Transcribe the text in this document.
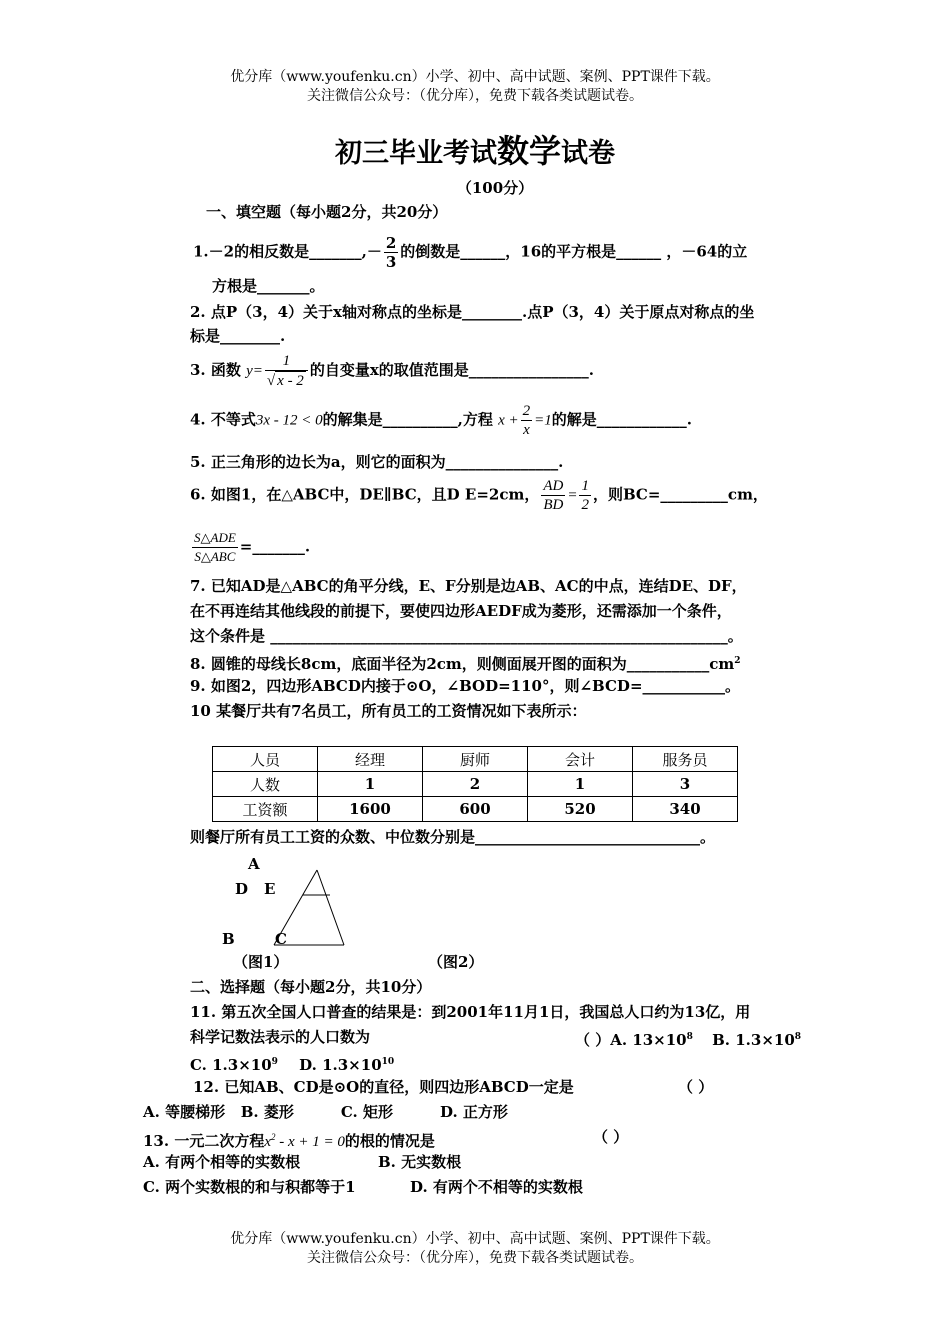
优分库（www.youfenku.cn）小学、初中、高中试题、案例、PPT课件下载。
关注微信公众号：（优分库），免费下载各类试题试卷。
初三毕业考试数学试卷
（100分）
一、填空题（每小题2分，共20分）
1.－2的相反数是_______,－ $\frac{2}{3}$ 的倒数是______，16的平方根是______ ，－64的立
方根是_______。
2. 点P（3，4）关于x轴对称点的坐标是________.点P（3，4）关于原点对称点的坐
标是________.
3. 函数 $y= \frac{1}{√ x - 2}$ 的自变量x的取值范围是________________.
4. 不等式3x - 12 < 0的解集是__________,方程 $x + \frac{2}{x} =1$的解是____________.
5. 正三角形的边长为a，则它的面积为_______________.
6. 如图1，在△ABC中，DE∥BC，且D E=2cm， $\frac{AD}{BD} = \frac{1}{2}$ ，则BC=_________cm，
$\frac{\text{S△ADE}}{\text{S△ABC}}$ =_______.
7. 已知AD是△ABC的角平分线，E、F分别是边AB、AC的中点，连结DE、DF，
在不再连结其他线段的前提下，要使四边形AEDF成为菱形，还需添加一个条件，
这个条件是 _____________________________________________________________。
8. 圆锥的母线长8cm，底面半径为2cm，则侧面展开图的面积为$\_\_\_\_\_\_\_\_\_\_\_cm^2$
9. 如图2，四边形ABCD内接于⊙O，∠BOD=110°，则∠BCD=___________。
10 某餐厅共有7名员工，所有员工的工资情况如下表所示：
人员	经理	厨师	会计	服务员
人数	1	2	1	3
工资额	1600	600	520	340
则餐厅所有员工工资的众数、中位数分别是______________________________。
A
D E
B	C
（图1）	（图2）
二、选择题（每小题2分，共10分）
11. 第五次全国人口普查的结果是：到2001年11月1日，我国总人口约为13亿，用
科学记数法表示的人口数为	（ ）A. $13\times 10^8$ B. $1.3\times 10^8$
C. $1.3\times 10^9$ D. $1.3\times 10^{10}$
12. 已知AB、CD是⊙O的直径，则四边形ABCD一定是	（ ）
A. 等腰梯形   B. 菱形         C. 矩形         D. 正方形
13. 一元二次方程$x^2 - x + 1 = 0$的根的情况是	（ ）
A. 有两个相等的实数根	B. 无实数根
C. 两个实数根的和与积都等于1	D. 有两个不相等的实数根
优分库（www.youfenku.cn）小学、初中、高中试题、案例、PPT课件下载。
关注微信公众号：（优分库），免费下载各类试题试卷。
